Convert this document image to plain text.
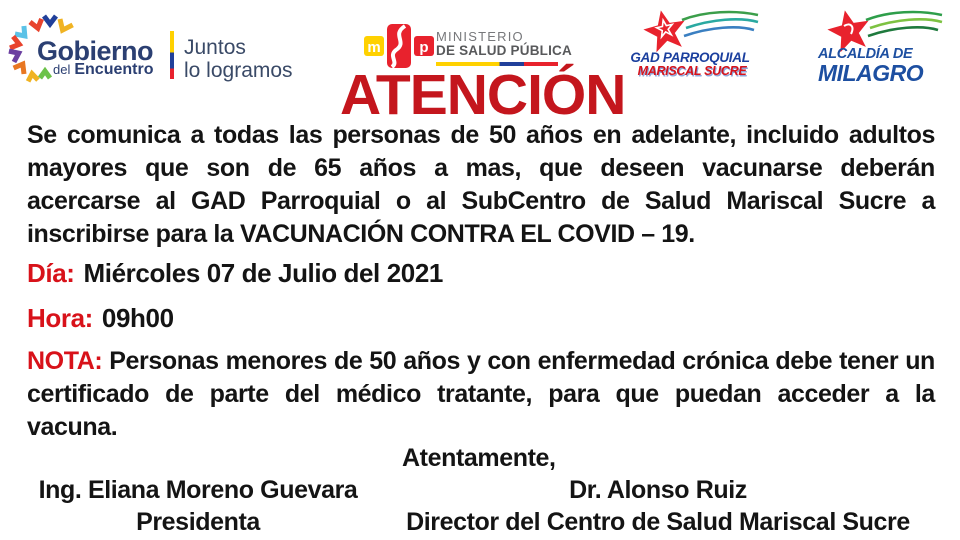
Gobierno
del Encuentro
Juntos
lo logramos
m	p
MINISTERIO
DE SALUD PÚBLICA	GAD PARROQUIAL
MARISCAL SUCRE
ALCALDÍA DE
MILAGRO
ATENCIÓN
Se comunica a todas las personas de 50 años en adelante, incluido adultos
mayores que son de 65 años a mas, que deseen vacunarse deberán
acercarse al GAD Parroquial o al SubCentro de Salud Mariscal Sucre a
inscribirse para la VACUNACIÓN CONTRA EL COVID – 19.
Día: Miércoles 07 de Julio del 2021
Hora: 09h00
NOTA: Personas menores de 50 años y con enfermedad crónica debe tener un
certificado de parte del médico tratante, para que puedan acceder a la
vacuna.
Atentamente,
Ing. Eliana Moreno Guevara
Presidenta
Dr. Alonso Ruiz
Director del Centro de Salud Mariscal Sucre
